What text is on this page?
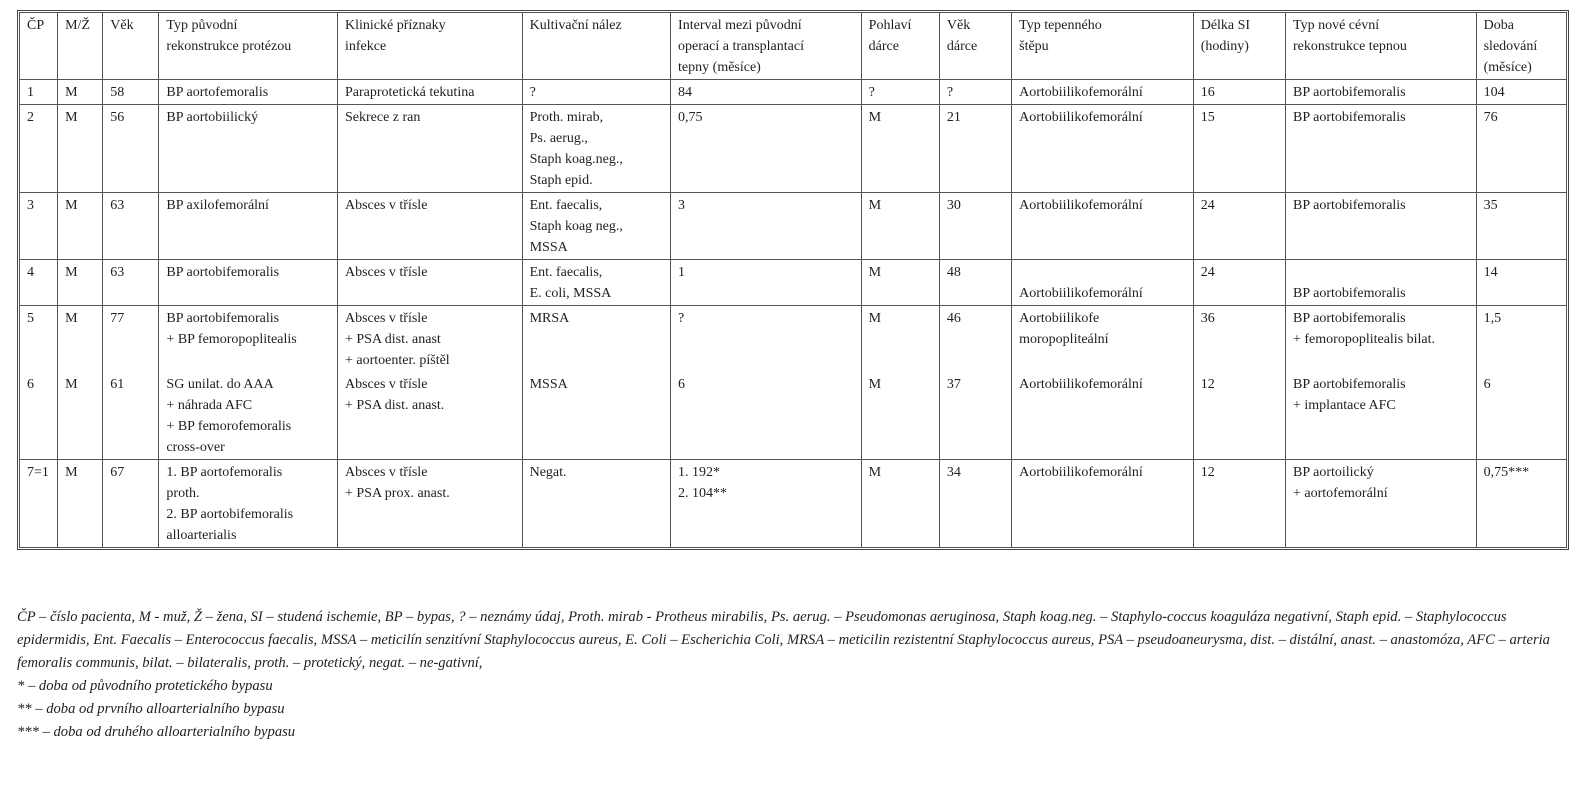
ČP	M/Ž	Věk	Typ původní
rekonstrukce protézou	Klinické příznaky
infekce	Kultivační nález	Interval mezi původní
operací a transplantací
tepny (měsíce)	Pohlaví
dárce	Věk
dárce	Typ tepenného
štěpu	Délka SI
(hodiny)	Typ nové cévní
rekonstrukce tepnou	Doba
sledování
(měsíce)
1	M	58	BP aortofemoralis	Paraprotetická tekutina	?	84	?	?	Aortobiilikofemorální	16	BP aortobifemoralis	104
2	M	56	BP aortobiilický	Sekrece z ran	Proth. mirab,
Ps. aerug.,
Staph koag.neg.,
Staph epid.	0,75	M	21	Aortobiilikofemorální	15	BP aortobifemoralis	76
3	M	63	BP axilofemorální	Absces v třísle	Ent. faecalis,
Staph koag neg.,
MSSA	3	M	30	Aortobiilikofemorální	24	BP aortobifemoralis	35
4	M	63	BP aortobifemoralis	Absces v třísle	Ent. faecalis,
E. coli, MSSA	1	M	48	Aortobiilikofemorální	24	BP aortobifemoralis	14
5	M	77	BP aortobifemoralis
+ BP femoropoplitealis	Absces v třísle
+ PSA dist. anast
+ aortoenter. píštěl	MRSA	?	M	46	Aortobiilikofe
moropopliteální	36	BP aortobifemoralis
+ femoropoplitealis bilat.	1,5
6	M	61	SG unilat. do AAA
+ náhrada AFC
+ BP femorofemoralis
cross-over	Absces v třísle
+ PSA dist. anast.	MSSA	6	M	37	Aortobiilikofemorální	12	BP aortobifemoralis
+ implantace AFC	6
7=1	M	67	1. BP aortofemoralis
proth.
2. BP aortobifemoralis
alloarterialis	Absces v třísle
+ PSA prox. anast.	Negat.	1. 192*
2. 104**	M	34	Aortobiilikofemorální	12	BP aortoilický
+ aortofemorální	0,75***

ČP – číslo pacienta, M - muž, Ž – žena, SI – studená ischemie, BP – bypas, ? – neznámy údaj, Proth. mirab - Protheus mirabilis, Ps. aerug. – Pseudomonas aeruginosa, Staph koag.neg. – Staphylo-coccus koaguláza negativní, Staph epid. – Staphylococcus epidermidis, Ent. Faecalis – Enterococcus faecalis, MSSA – meticilín senzitívní Staphylococcus aureus, E. Coli – Escherichia Coli, MRSA – meticilin rezistentní Staphylococcus aureus, PSA – pseudoaneurysma, dist. – distální, anast. – anastomóza, AFC – arteria femoralis communis, bilat. – bilateralis, proth. – protetický, negat. – ne-gativní,

* – doba od původního protetického bypasu

** – doba od prvního alloarterialního bypasu

*** – doba od druhého alloarterialního bypasu
